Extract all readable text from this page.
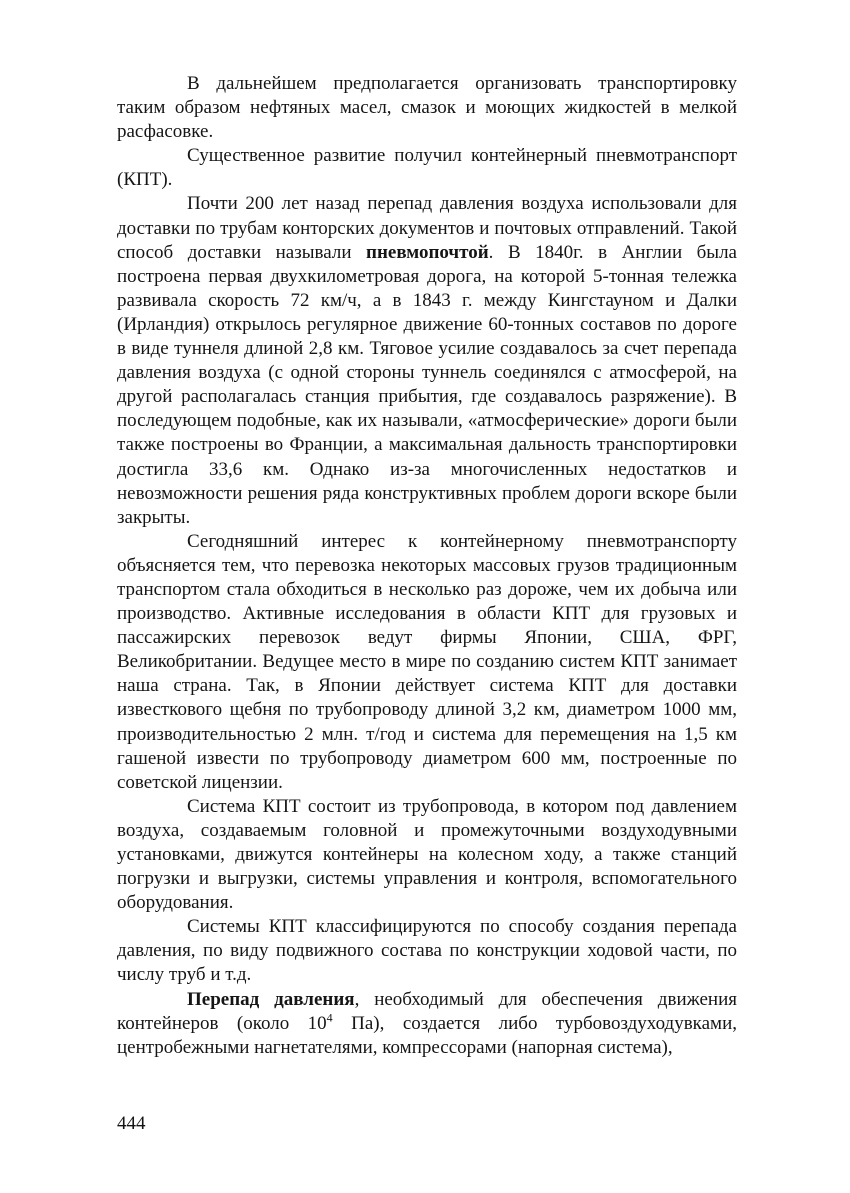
В дальнейшем предполагается организовать транспортировку таким образом нефтяных масел, смазок и моющих жидкостей в мелкой расфасовке.

Существенное развитие получил контейнерный пневмотранспорт (КПТ).

Почти 200 лет назад перепад давления воздуха использовали для доставки по трубам конторских документов и почтовых отправлений. Такой способ доставки называли пневмопочтой. В 1840г. в Англии была построена первая двухкилометровая дорога, на которой 5-тонная тележка развивала скорость 72 км/ч, а в 1843 г. между Кингстауном и Далки (Ирландия) открылось регулярное движение 60-тонных составов по дороге в виде туннеля длиной 2,8 км. Тяговое усилие создавалось за счет перепада давления воздуха (с одной стороны туннель соединялся с атмосферой, на другой располагалась станция прибытия, где создавалось разряжение). В последующем подобные, как их называли, «атмосферические» дороги были также построены во Франции, а максимальная дальность транспортировки достигла 33,6 км. Однако из-за многочисленных недостатков и невозможности решения ряда конструктивных проблем дороги вскоре были закрыты.

Сегодняшний интерес к контейнерному пневмотранспорту объясняется тем, что перевозка некоторых массовых грузов традиционным транспортом стала обходиться в несколько раз дороже, чем их добыча или производство. Активные исследования в области КПТ для грузовых и пассажирских перевозок ведут фирмы Японии, США, ФРГ, Великобритании. Ведущее место в мире по созданию систем КПТ занимает наша страна. Так, в Японии действует система КПТ для доставки известкового щебня по трубопроводу длиной 3,2 км, диаметром 1000 мм, производительностью 2 млн. т/год и система для перемещения на 1,5 км гашеной извести по трубопроводу диаметром 600 мм, построенные по советской лицензии.

Система КПТ состоит из трубопровода, в котором под давлением воздуха, создаваемым головной и промежуточными воздуходувными установками, движутся контейнеры на колесном ходу, а также станций погрузки и выгрузки, системы управления и контроля, вспомогательного оборудования.

Системы КПТ классифицируются по способу создания перепада давления, по виду подвижного состава по конструкции ходовой части, по числу труб и т.д.

Перепад давления, необходимый для обеспечения движения контейнеров (около $10^4$ Па), создается либо турбовоздуходувками, центробежными нагнетателями, компрессорами (напорная система),

444
